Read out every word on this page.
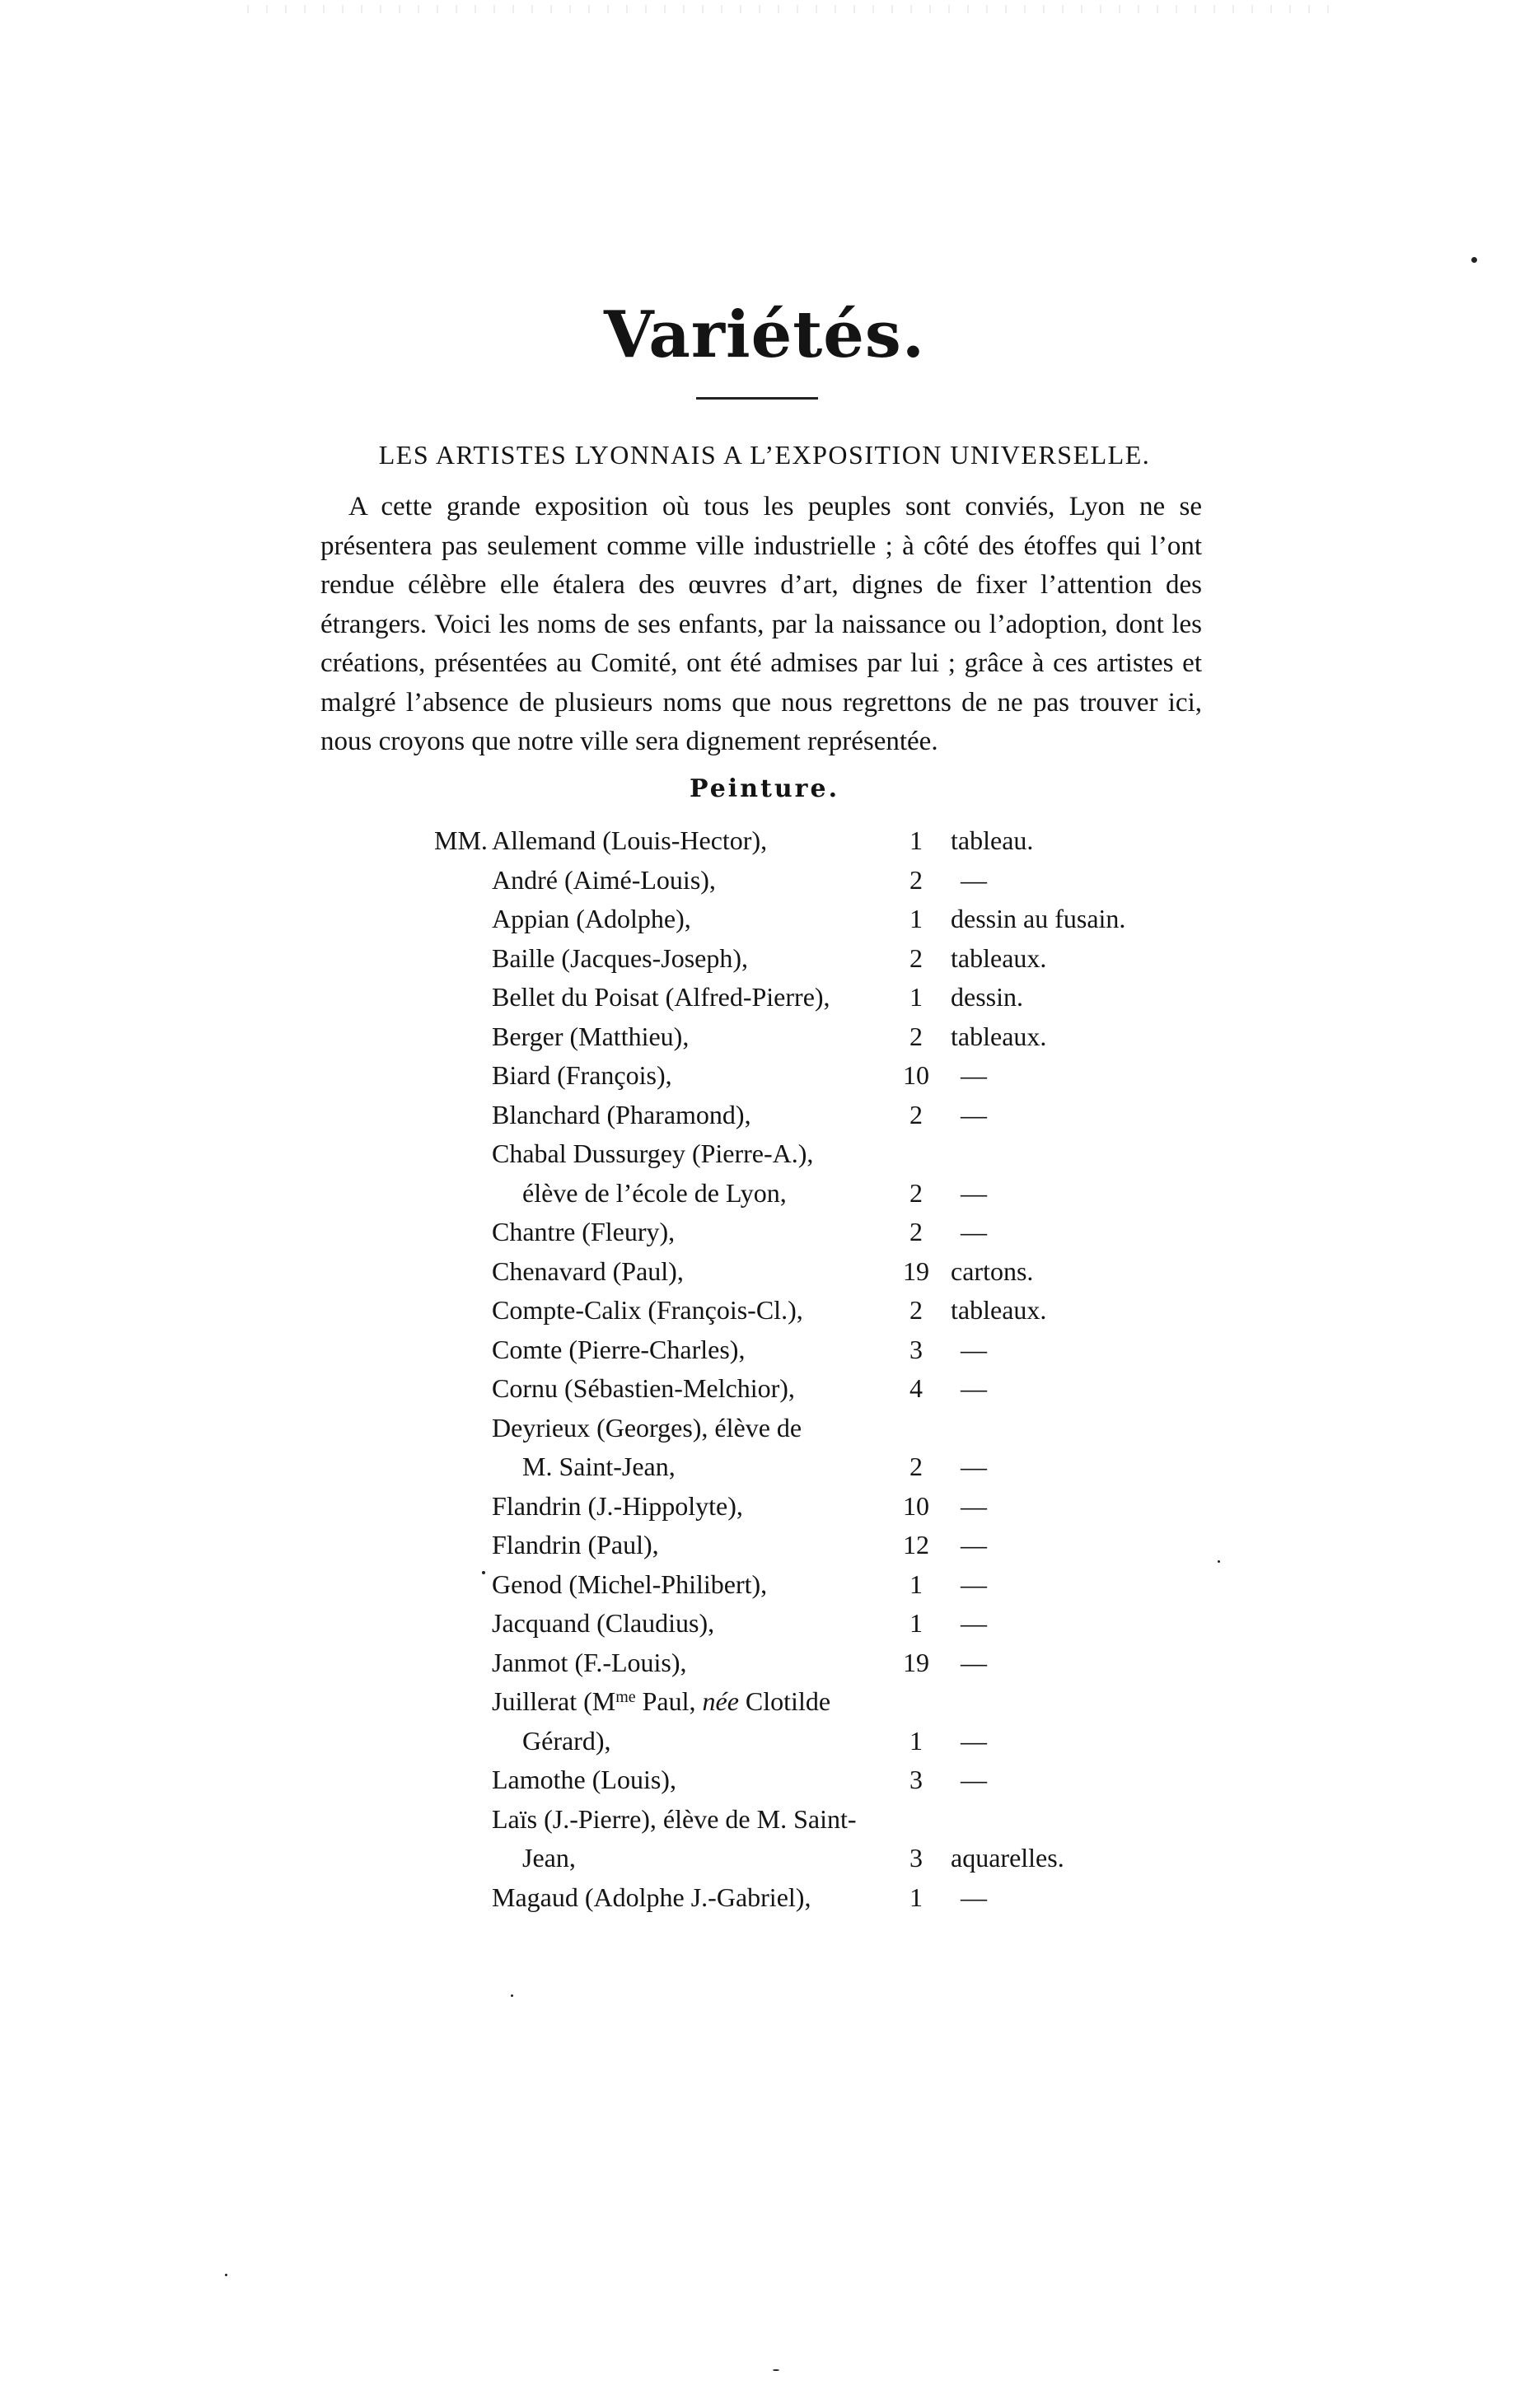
Variétés.
LES ARTISTES LYONNAIS A L’EXPOSITION UNIVERSELLE.

A cette grande exposition où tous les peuples sont conviés, Lyon ne se présentera pas seulement comme ville industrielle ; à côté des étoffes qui l’ont rendue célèbre elle étalera des œuvres d’art, dignes de fixer l’attention des étrangers. Voici les noms de ses enfants, par la naissance ou l’adoption, dont les créations, présentées au Comité, ont été admises par lui ; grâce à ces artistes et malgré l’absence de plusieurs noms que nous regrettons de ne pas trouver ici, nous croyons que notre ville sera dignement représentée.

Peinture.
MM. Allemand (Louis-Hector),	1	tableau.
André (Aimé-Louis),	2	—
Appian (Adolphe),	1	dessin au fusain.
Baille (Jacques-Joseph),	2	tableaux.
Bellet du Poisat (Alfred-Pierre),	1	dessin.
Berger (Matthieu),	2	tableaux.
Biard (François),	10	—
Blanchard (Pharamond),	2	—
Chabal Dussurgey (Pierre-A.),
élève de l’école de Lyon,	2	—
Chantre (Fleury),	2	—
Chenavard (Paul),	19 cartons.
Compte-Calix (François-Cl.),	2	tableaux.
Comte (Pierre-Charles),	3	—
Cornu (Sébastien-Melchior),	4	—
Deyrieux (Georges), élève de
M. Saint-Jean,	2	—
Flandrin (J.-Hippolyte),	10	—
Flandrin (Paul),	12	—
Genod (Michel-Philibert),	1	—
Jacquand (Claudius),	1	—
Janmot (F.-Louis),	19	—
Juillerat ($M^{me}$ Paul, née Clotilde
Gérard),	1	—
Lamothe (Louis),	3	—
Laïs (J.-Pierre), élève de M. Saint-
Jean,	3	aquarelles.
Magaud (Adolphe J.-Gabriel),	1	—
